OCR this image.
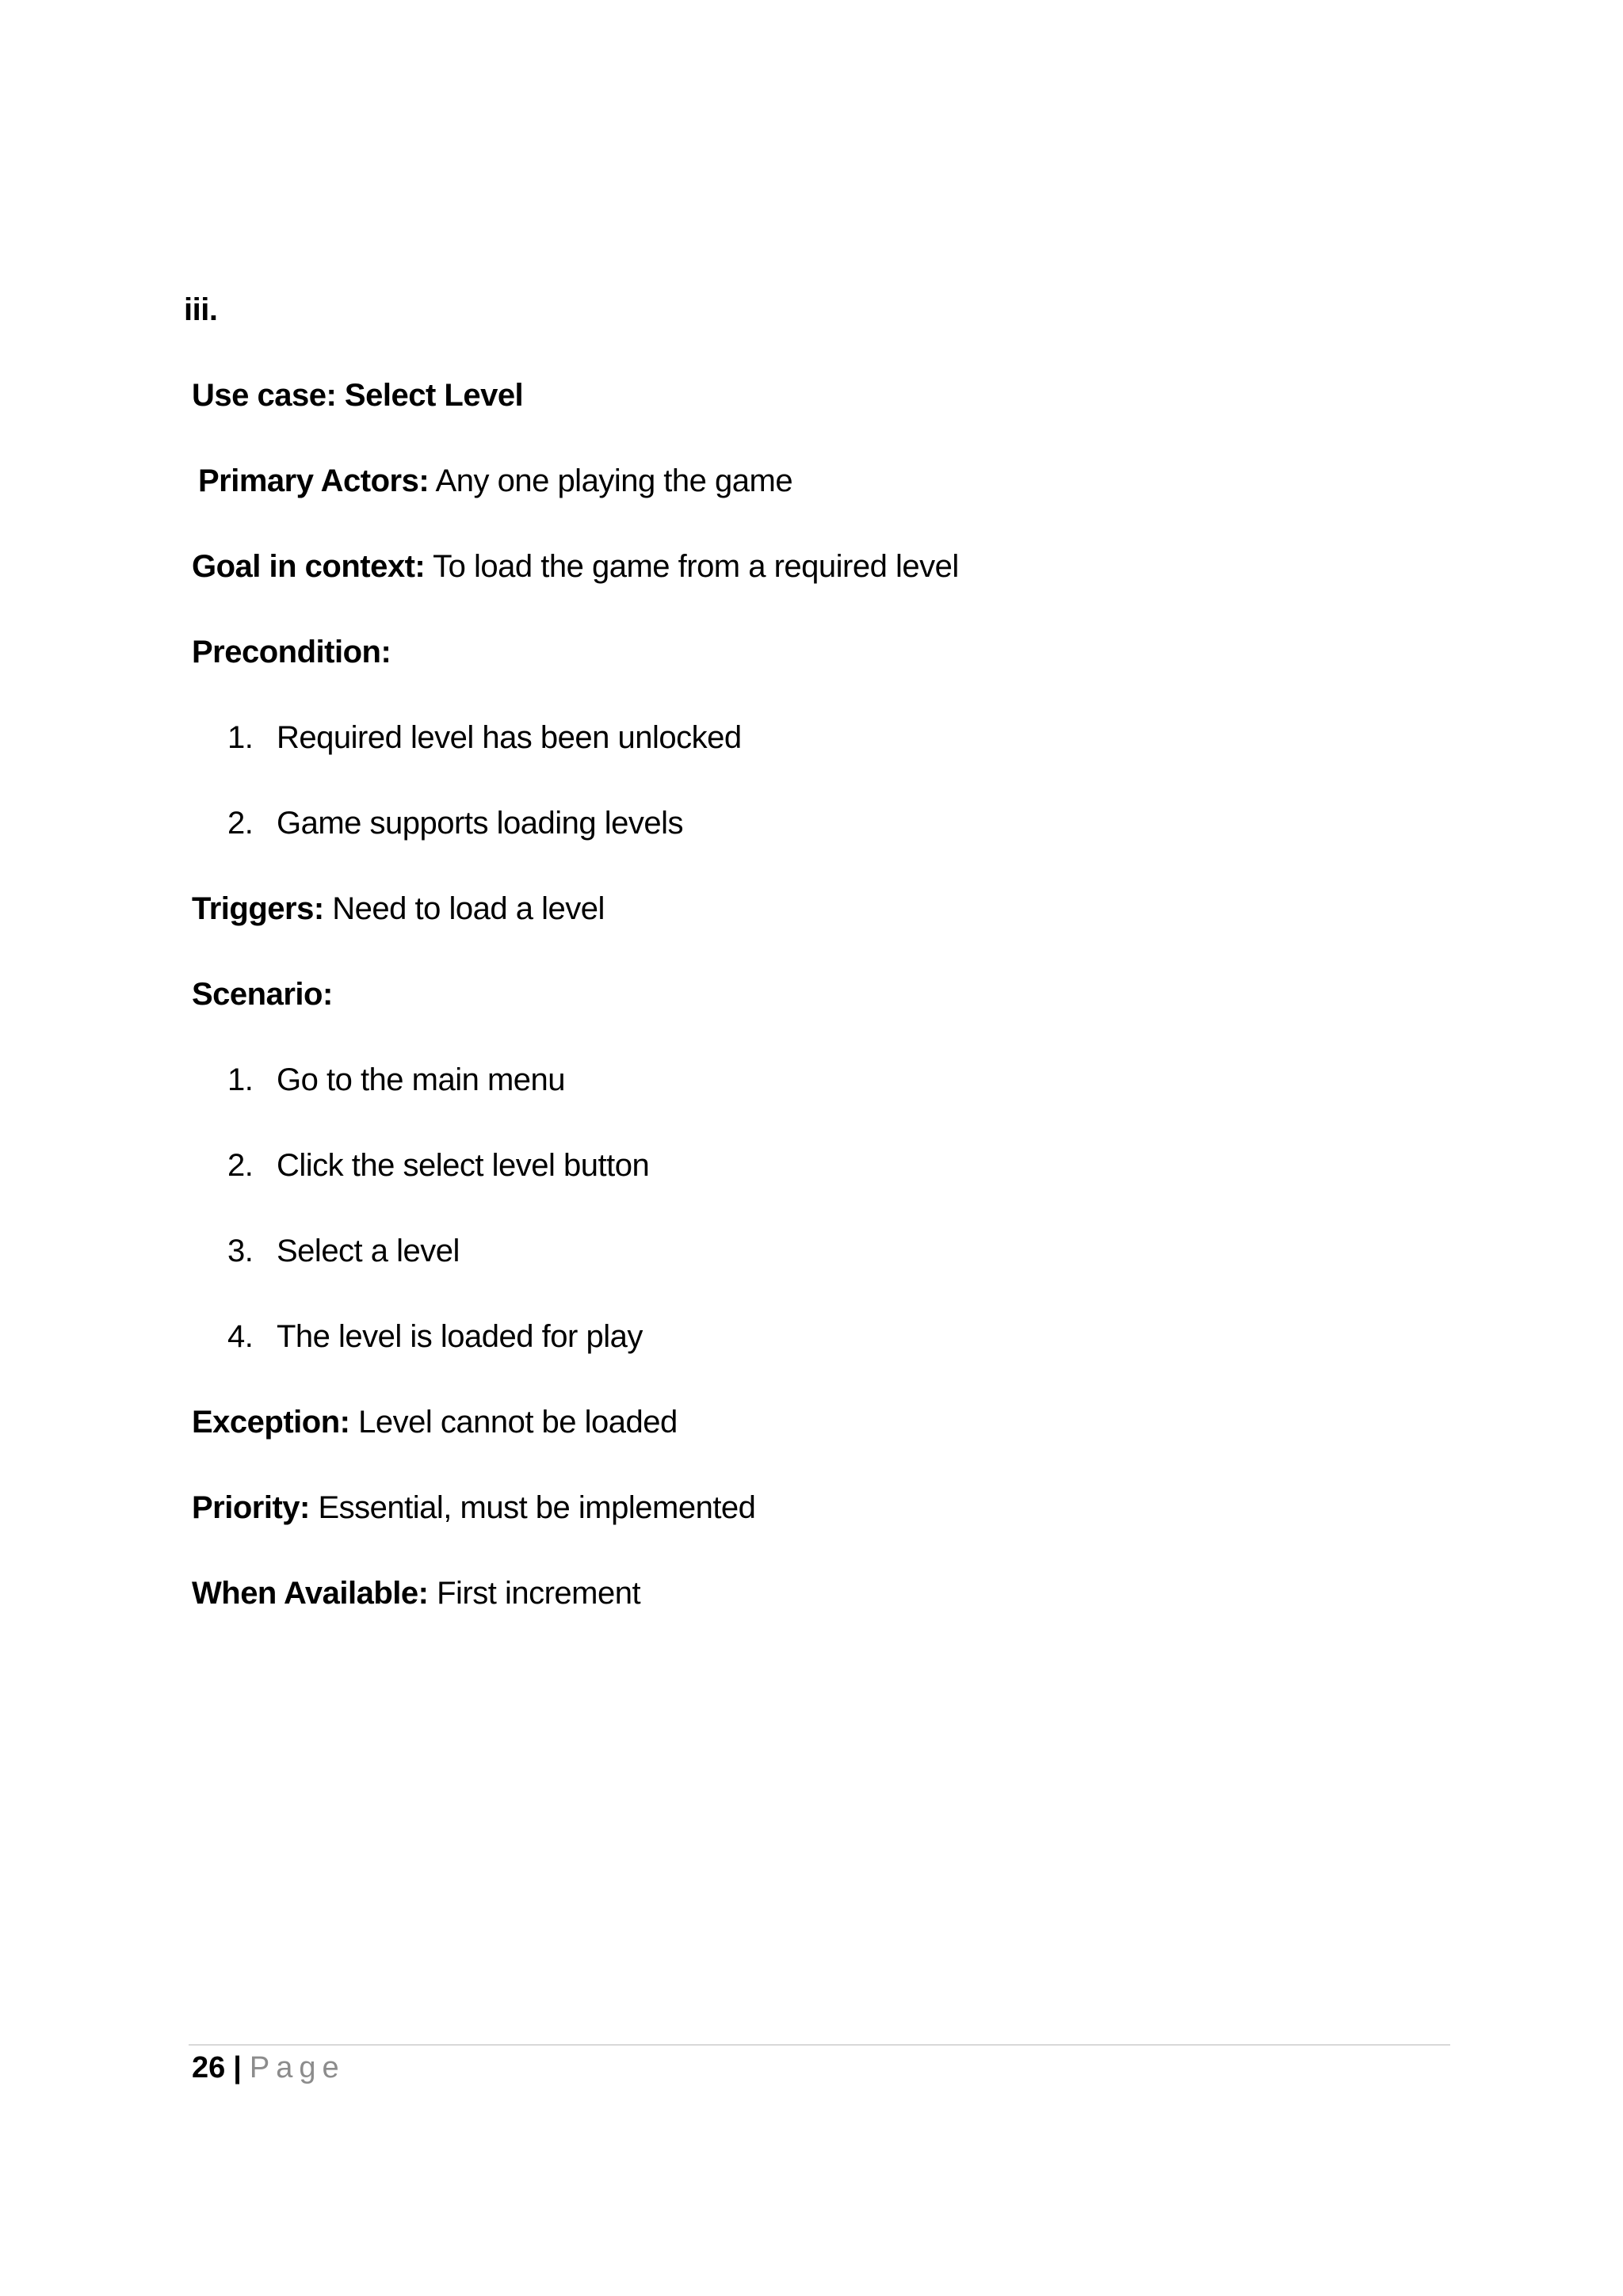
iii.
Use case: Select Level
Primary Actors: Any one playing the game
Goal in context: To load the game from a required level
Precondition:
1. Required level has been unlocked
2. Game supports loading levels
Triggers: Need to load a level
Scenario:
1. Go to the main menu
2. Click the select level button
3. Select a level
4. The level is loaded for play
Exception: Level cannot be loaded
Priority: Essential, must be implemented
When Available: First increment
26 | Page
